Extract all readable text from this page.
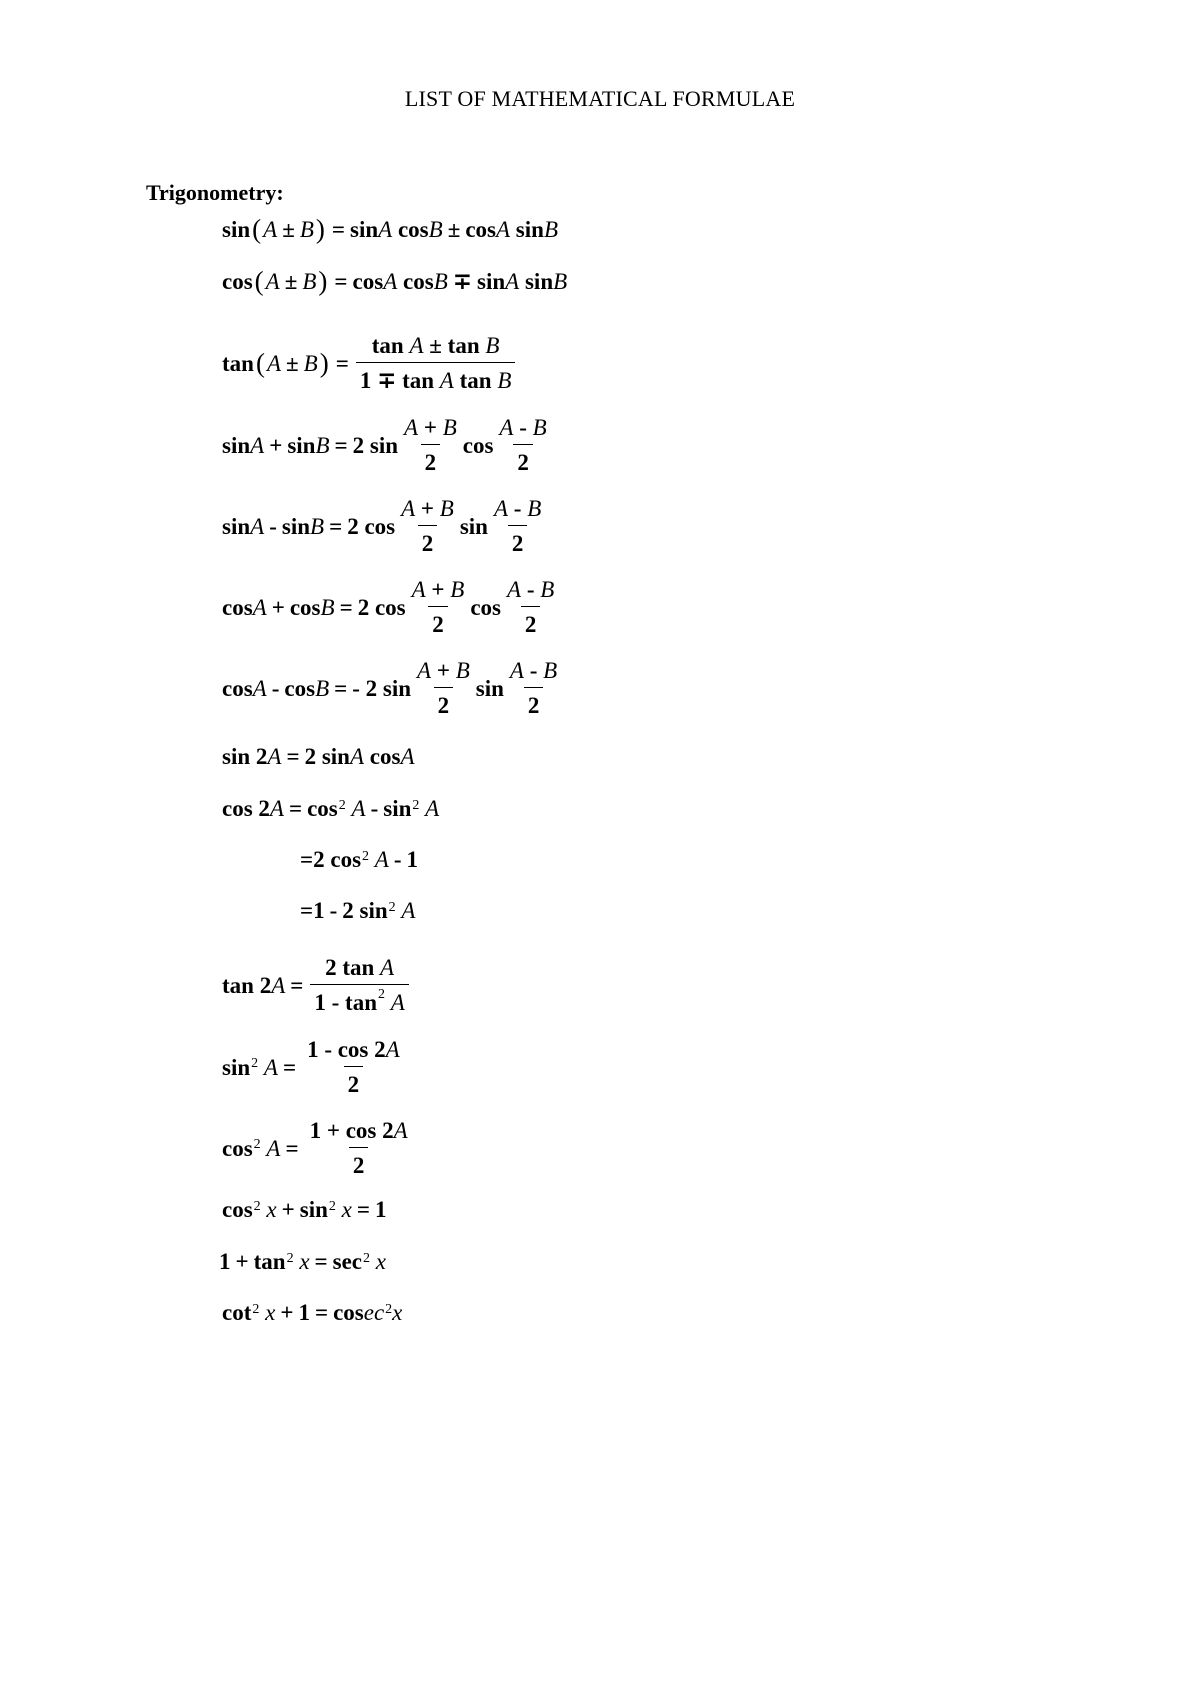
LIST OF MATHEMATICAL FORMULAE
Trigonometry:
sin ( A ± B ) = sin A cos B ± cos A sin B
cos ( A ± B ) = cos A cos B ∓ sin A sin B
tan ( A ± B ) = $\frac{\text{tan A ± tan B}}{\text{1 ∓ tan A tan B}}$
sin A + sin B = 2 $\sin \frac{A + B}{2}$ $\cos \frac{A - B}{2}$
sin A - sin B = 2 $\cos \frac{A + B}{2}$ $\sin \frac{A - B}{2}$
cos A + cos B = 2 $\cos \frac{A + B}{2}$ $\cos \frac{A - B}{2}$
cos A - cos B = - 2 $\sin \frac{A + B}{2}$ $\sin \frac{A - B}{2}$
sin 2 A = 2 sin A cos A
cos 2 $A = \cos^2$
A - $\sin^2$
A
=2 $\cos^2$
A - 1
=1 - 2 $\sin^2$
A
tan 2 $A = \frac{\text{2 tan A}}{1 - \tan^2 A}$
$\sin^2$
$A = \frac{1 - \cos 2A}{2}$
$\cos^2$
$A = \frac{1 + \cos 2A}{2}$
$\cos^2$
$x + \sin^2$
x = 1
$1 + \tan^2$
$x = \sec^2$
x
$\cot^2$
$x + 1 = \cos ec^2$ x
